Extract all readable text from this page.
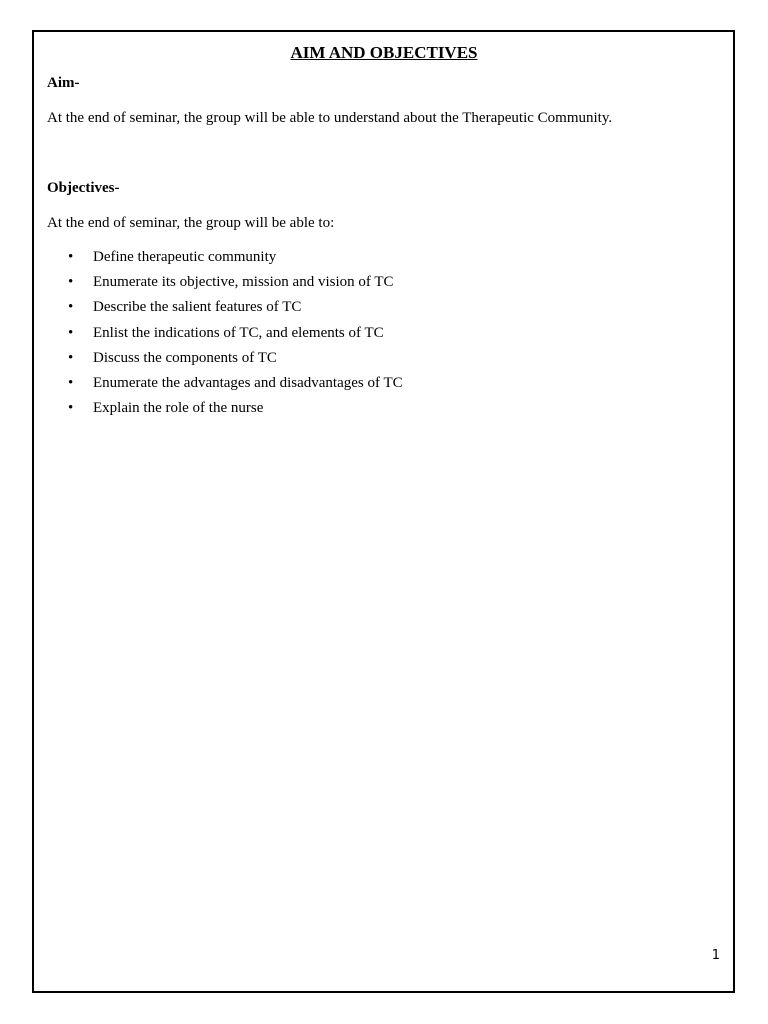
AIM AND OBJECTIVES
Aim-

At the end of seminar, the group will be able to understand about the Therapeutic Community.

Objectives-

At the end of seminar, the group will be able to:

• Define therapeutic community
• Enumerate its objective, mission and vision of TC
• Describe the salient features of TC
• Enlist the indications of TC, and elements of TC
• Discuss the components of TC
• Enumerate the advantages and disadvantages of TC
• Explain the role of the nurse
1
